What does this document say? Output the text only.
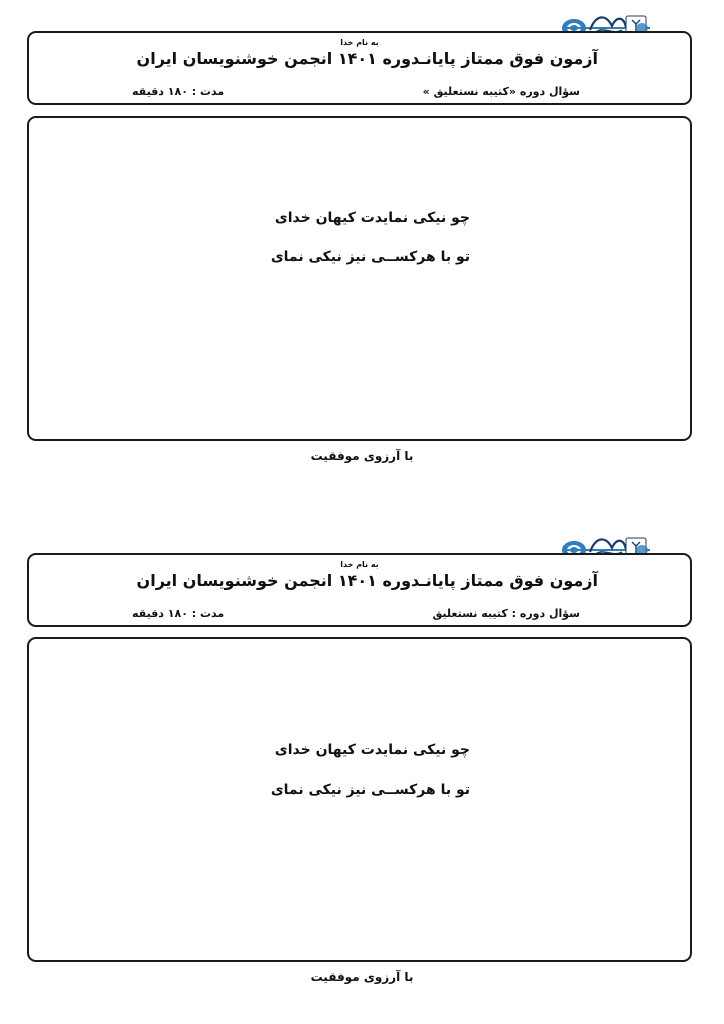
به نام خدا
آزمون فوق ممتاز پایانـدوره ۱۴۰۱ انجمن خوشنویسان ایران
سؤال دوره «کتیبه نستعلیق »
مدت : ۱۸۰ دقیقه
چو نیکی نمایدت کیهان خدای
تو با هرکســی نیز نیکی نمای
با آرزوی موفقیت
به نام خدا
آزمون فوق ممتاز پایانـدوره ۱۴۰۱ انجمن خوشنویسان ایران
سؤال دوره : کتیبه نستعلیق
مدت : ۱۸۰ دقیقه
چو نیکی نمایدت کیهان خدای
تو با هرکســی نیز نیکی نمای
با آرزوی موفقیت
